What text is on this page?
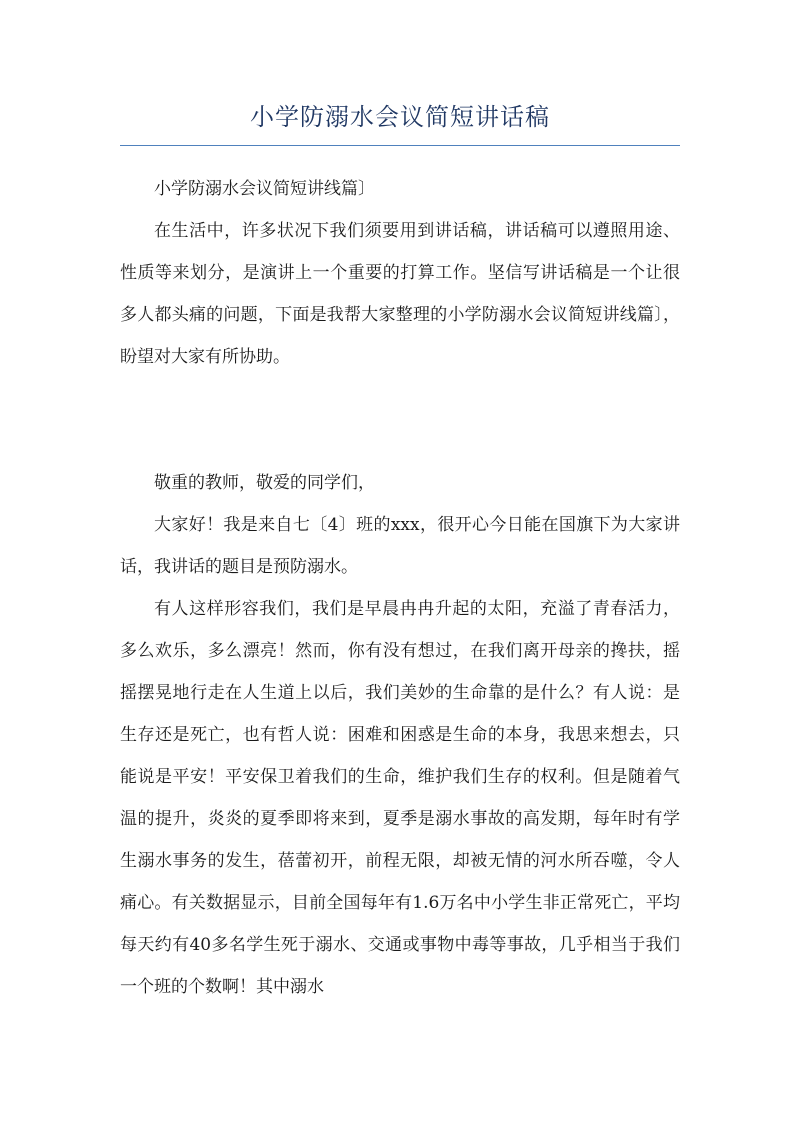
小学防溺水会议简短讲话稿

小学防溺水会议简短讲线篇〕

在生活中，许多状况下我们须要用到讲话稿，讲话稿可以遵照用途、性质等来划分，是演讲上一个重要的打算工作。坚信写讲话稿是一个让很多人都头痛的问题，下面是我帮大家整理的小学防溺水会议简短讲线篇〕，盼望对大家有所协助。

敬重的教师，敬爱的同学们，

大家好！我是来自七〔4〕班的xxx，很开心今日能在国旗下为大家讲话，我讲话的题目是预防溺水。

有人这样形容我们，我们是早晨冉冉升起的太阳，充溢了青春活力，多么欢乐，多么漂亮！然而，你有没有想过，在我们离开母亲的搀扶，摇摇摆晃地行走在人生道上以后，我们美妙的生命靠的是什么？有人说：是生存还是死亡，也有哲人说：困难和困惑是生命的本身，我思来想去，只能说是平安！平安保卫着我们的生命，维护我们生存的权利。但是随着气温的提升，炎炎的夏季即将来到，夏季是溺水事故的高发期，每年时有学生溺水事务的发生，蓓蕾初开，前程无限，却被无情的河水所吞噬，令人痛心。有关数据显示，目前全国每年有1.6万名中小学生非正常死亡，平均每天约有40多名学生死于溺水、交通或事物中毒等事故，几乎相当于我们一个班的个数啊！其中溺水
